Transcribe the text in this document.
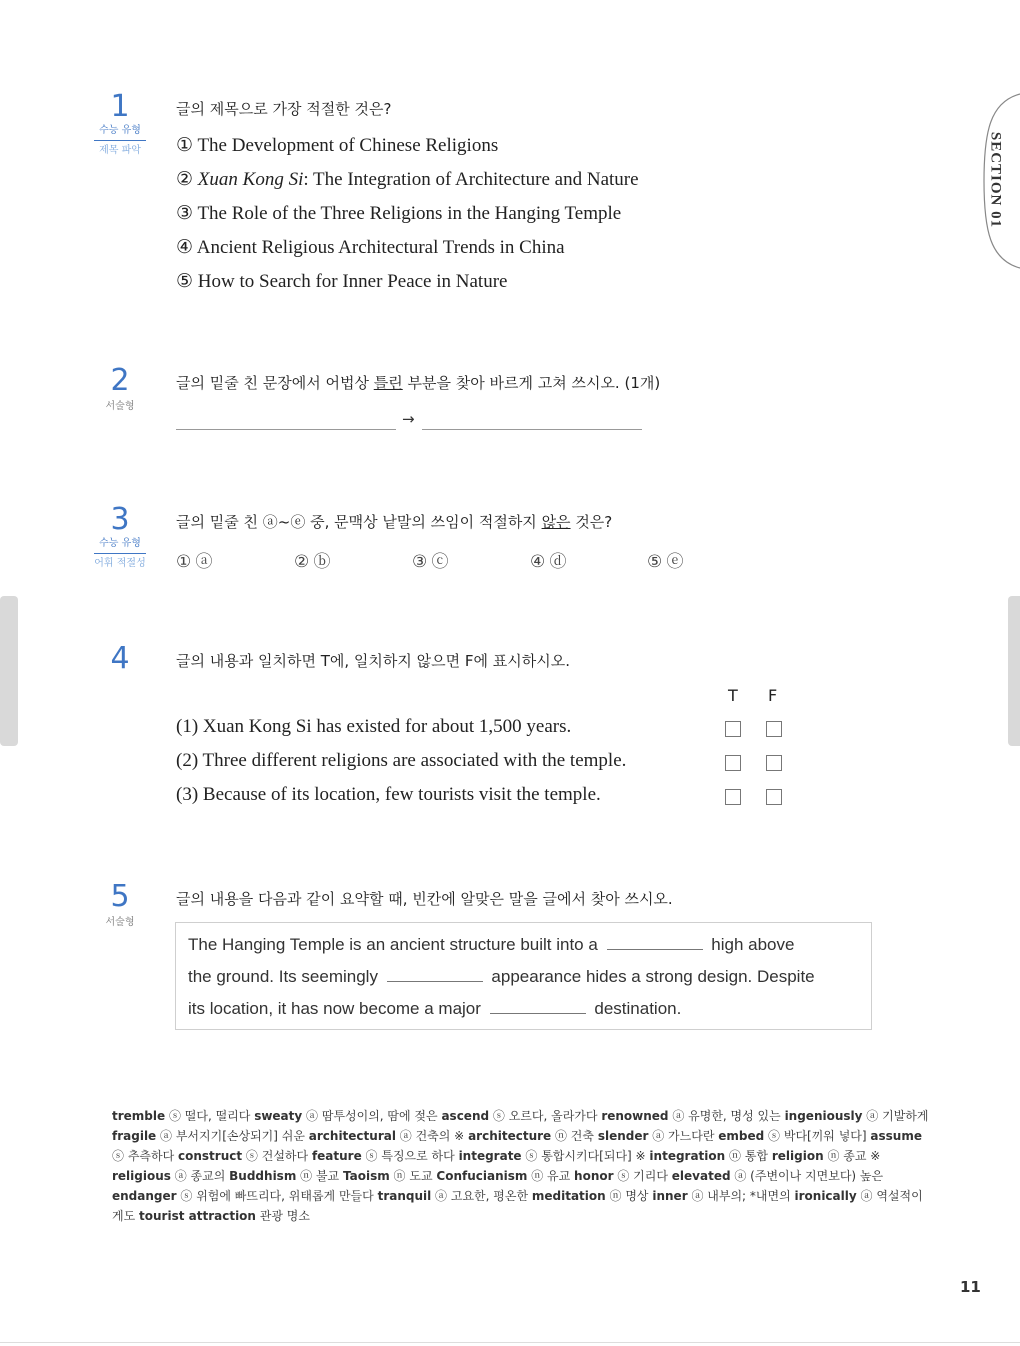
SECTION 01
1
수능 유형
제목 파악
글의 제목으로 가장 적절한 것은?
① The Development of Chinese Religions
② Xuan Kong Si: The Integration of Architecture and Nature
③ The Role of the Three Religions in the Hanging Temple
④ Ancient Religious Architectural Trends in China
⑤ How to Search for Inner Peace in Nature
2
서술형
글의 밑줄 친 문장에서 어법상 틀린 부분을 찾아 바르게 고쳐 쓰시오. (1개)
→
3
수능 유형
어휘 적절성
글의 밑줄 친 ⓐ~ⓔ 중, 문맥상 낱말의 쓰임이 적절하지 않은 것은?
① ⓐ	② ⓑ	③ ⓒ	④ ⓓ	⑤ ⓔ
4	글의 내용과 일치하면 T에, 일치하지 않으면 F에 표시하시오.
T F
(1) Xuan Kong Si has existed for about 1,500 years.
(2) Three different religions are associated with the temple.
(3) Because of its location, few tourists visit the temple.
5
서술형
글의 내용을 다음과 같이 요약할 때, 빈칸에 알맞은 말을 글에서 찾아 쓰시오.
The Hanging Temple is an ancient structure built into a	high above
the ground. Its seemingly	appearance hides a strong design. Despite
its location, it has now become a major	destination.
tremble ⓢ 떨다, 떨리다 sweaty ⓐ 땀투성이의, 땀에 젖은 ascend ⓢ 오르다, 올라가다 renowned ⓐ 유명한, 명성 있는 ingeniously ⓐ 기발하게 fragile ⓐ 부서지기[손상되기] 쉬운 architectural ⓐ 건축의 ※ architecture ⓝ 건축 slender ⓐ 가느다란 embed ⓢ 박다[끼워 넣다] assume ⓢ 추측하다 construct ⓢ 건설하다 feature ⓢ 특징으로 하다 integrate ⓢ 통합시키다[되다] ※ integration ⓝ 통합 religion ⓝ 종교 ※ religious ⓐ 종교의 Buddhism ⓝ 불교 Taoism ⓝ 도교 Confucianism ⓝ 유교 honor ⓢ 기리다 elevated ⓐ (주변이나 지면보다) 높은 endanger ⓢ 위험에 빠뜨리다, 위태롭게 만들다 tranquil ⓐ 고요한, 평온한 meditation ⓝ 명상 inner ⓐ 내부의; *내면의 ironically ⓐ 역설적이게도 tourist attraction 관광 명소
11
